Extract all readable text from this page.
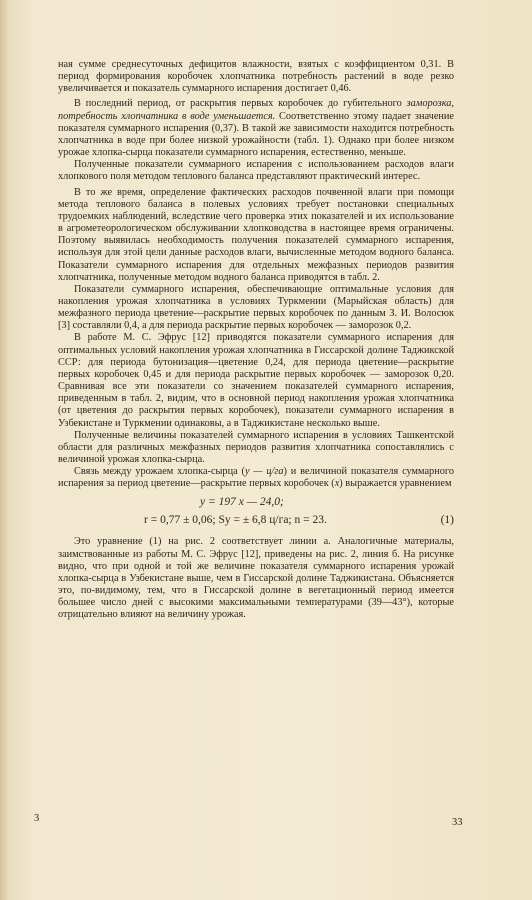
ная сумме среднесуточных дефицитов влажности, взятых с коэффициентом 0,31. В период формирования коробочек хлопчатника потребность растений в воде резко увеличивается и показатель суммарного испарения достигает 0,46.

В последний период, от раскрытия первых коробочек до губительного заморозка, потребность хлопчатника в воде уменьшается. Соответственно этому падает значение показателя суммарного испарения (0,37). В такой же зависимости находится потребность хлопчатника в воде при более низкой урожайности (табл. 1). Однако при более низком урожае хлопка-сырца показатели суммарного испарения, естественно, меньше.

Полученные показатели суммарного испарения с использованием расходов влаги хлопкового поля методом теплового баланса представляют практический интерес.

В то же время, определение фактических расходов почвенной влаги при помощи метода теплового баланса в полевых условиях требует постановки специальных трудоемких наблюдений, вследствие чего проверка этих показателей и их использование в агрометеорологическом обслуживании хлопководства в настоящее время ограничены. Поэтому выявилась необходимость получения показателей суммарного испарения, используя для этой цели данные расходов влаги, вычисленные методом водного баланса. Показатели суммарного испарения для отдельных межфазных периодов развития хлопчатника, полученные методом водного баланса приводятся в табл. 2.

Показатели суммарного испарения, обеспечивающие оптимальные условия для накопления урожая хлопчатника в условиях Туркмении (Марыйская область) для межфазного периода цветение—раскрытие первых коробочек по данным З. И. Волосюк [3] составляли 0,4, а для периода раскрытие первых коробочек — заморозок 0,2.

В работе М. С. Эфрус [12] приводятся показатели суммарного испарения для оптимальных условий накопления урожая хлопчатника в Гиссарской долине Таджикской ССР: для периода бутонизация—цветение 0,24, для периода цветение—раскрытие первых коробочек 0,45 и для периода раскрытие первых коробочек — заморозок 0,20. Сравнивая все эти показатели со значением показателей суммарного испарения, приведенным в табл. 2, видим, что в основной период накопления урожая хлопчатника (от цветения до раскрытия первых коробочек), показатели суммарного испарения в Узбекистане и Туркмении одинаковы, а в Таджикистане несколько выше.

Полученные величины показателей суммарного испарения в условиях Ташкентской области для различных межфазных периодов развития хлопчатника сопоставлялись с величиной урожая хлопка-сырца.

Связь между урожаем хлопка-сырца (y — ц/га) и величиной показателя суммарного испарения за период цветение—раскрытие первых коробочек (x) выражается уравнением

y = 197 x — 24,0;
r = 0,77 ± 0,06; Sy = ± 6,8 ц/га; n = 23.	(1)

Это уравнение (1) на рис. 2 соответствует линии a. Аналогичные материалы, заимствованные из работы М. С. Эфрус [12], приведены на рис. 2, линия б. На рисунке видно, что при одной и той же величине показателя суммарного испарения урожай хлопка-сырца в Узбекистане выше, чем в Гиссарской долине Таджикистана. Объясняется это, по-видимому, тем, что в Гиссарской долине в вегетационный период имеется большее число дней с высокими максимальными температурами (39—43°), которые отрицательно влияют на величину урожая.

3	33
